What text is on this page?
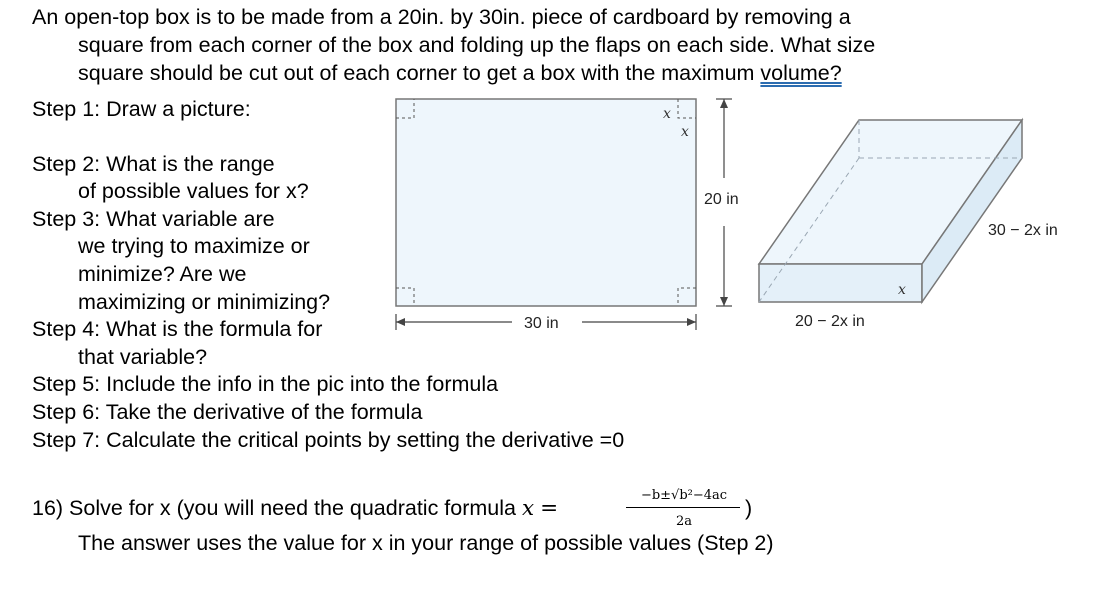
An open-top box is to be made from a 20in. by 30in. piece of cardboard by removing a
square from each corner of the box and folding up the flaps on each side. What size
square should be cut out of each corner to get a box with the maximum volume?
Step 1: Draw a picture:
Step 2: What is the range
of possible values for x?
Step 3: What variable are
we trying to maximize or
minimize? Are we
maximizing or minimizing?
Step 4: What is the formula for
that variable?
Step 5: Include the info in the pic into the formula
Step 6: Take the derivative of the formula
Step 7: Calculate the critical points by setting the derivative =0
x
x
20 in
30 in
x
30 − 2x in
20 − 2x in
16) Solve for x (you will need the quadratic formula x =
−b±√b²−4ac
2a
)
The answer uses the value for x in your range of possible values (Step 2)
